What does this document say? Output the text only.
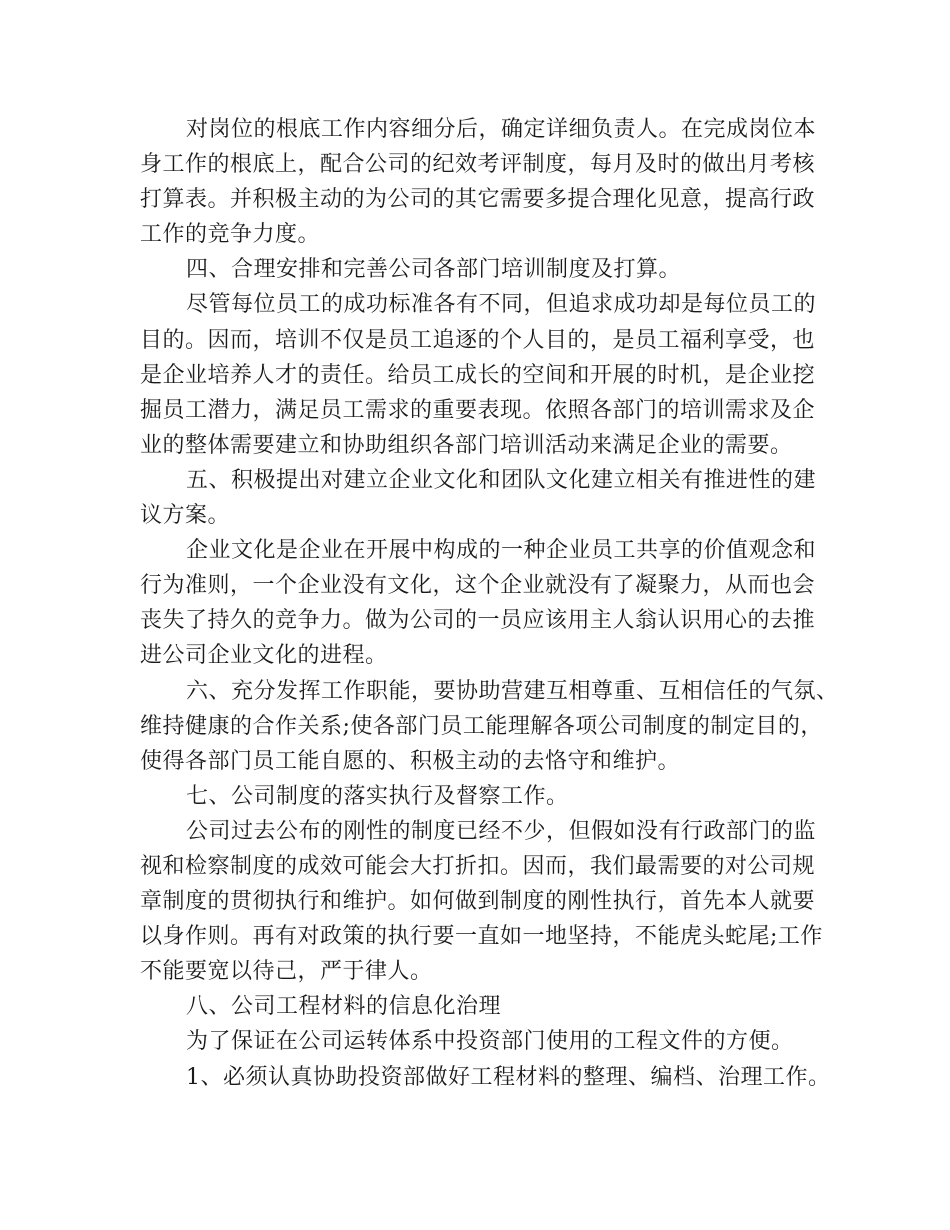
对岗位的根底工作内容细分后，确定详细负责人。在完成岗位本
身工作的根底上，配合公司的纪效考评制度，每月及时的做出月考核
打算表。并积极主动的为公司的其它需要多提合理化见意，提高行政
工作的竞争力度。
四、合理安排和完善公司各部门培训制度及打算。
尽管每位员工的成功标准各有不同，但追求成功却是每位员工的
目的。因而，培训不仅是员工追逐的个人目的，是员工福利享受，也
是企业培养人才的责任。给员工成长的空间和开展的时机，是企业挖
掘员工潜力，满足员工需求的重要表现。依照各部门的培训需求及企
业的整体需要建立和协助组织各部门培训活动来满足企业的需要。
五、积极提出对建立企业文化和团队文化建立相关有推进性的建
议方案。
企业文化是企业在开展中构成的一种企业员工共享的价值观念和
行为准则，一个企业没有文化，这个企业就没有了凝聚力，从而也会
丧失了持久的竞争力。做为公司的一员应该用主人翁认识用心的去推
进公司企业文化的进程。
六、充分发挥工作职能，要协助营建互相尊重、互相信任的气氛、
维持健康的合作关系;使各部门员工能理解各项公司制度的制定目的，
使得各部门员工能自愿的、积极主动的去恪守和维护。
七、公司制度的落实执行及督察工作。
公司过去公布的刚性的制度已经不少，但假如没有行政部门的监
视和检察制度的成效可能会大打折扣。因而，我们最需要的对公司规
章制度的贯彻执行和维护。如何做到制度的刚性执行，首先本人就要
以身作则。再有对政策的执行要一直如一地坚持，不能虎头蛇尾;工作
不能要宽以待己，严于律人。
八、公司工程材料的信息化治理
为了保证在公司运转体系中投资部门使用的工程文件的方便。
1、必须认真协助投资部做好工程材料的整理、编档、治理工作。
